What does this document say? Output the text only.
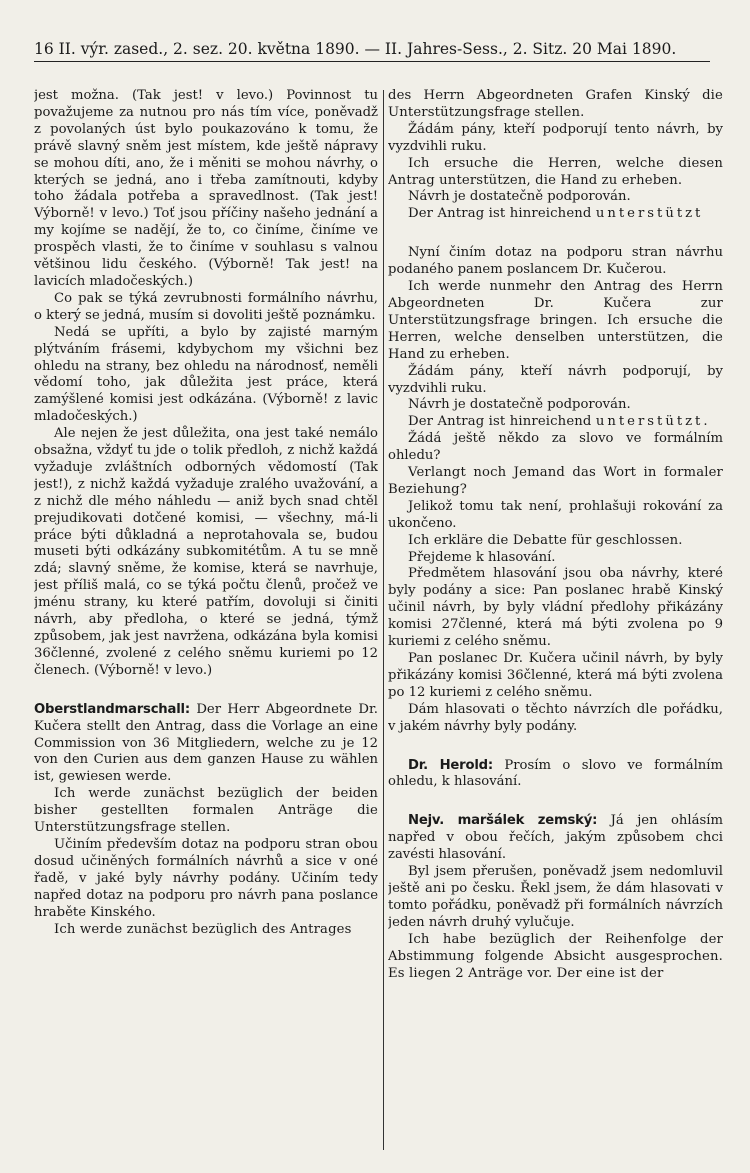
16 II. výr. zased., 2. sez. 20. května 1890. — II. Jahres-Sess., 2. Sitz. 20 Mai 1890.

jest možna. (Tak jest! v levo.) Povinnost tu považujeme za nutnou pro nás tím více, poněvadž z povolaných úst bylo poukazováno k tomu, že právě slavný sněm jest místem, kde ještě nápravy se mohou díti, ano, že i měniti se mohou návrhy, o kterých se jedná, ano i třeba zamítnouti, kdyby toho žádala potřeba a spravedlnost. (Tak jest! Výborně! v levo.) Toť jsou příčiny našeho jednání a my kojíme se nadějí, že to, co činíme, činíme ve prospěch vlasti, že to činíme v souhlasu s valnou většinou lidu českého. (Výborně! Tak jest! na lavicích mladočeských.)

Co pak se týká zevrubnosti formálního návrhu, o který se jedná, musím si dovoliti ještě poznámku.

Nedá se upříti, a bylo by zajisté marným plýtváním frásemi, kdybychom my všichni bez ohledu na strany, bez ohledu na národnosť, neměli vědomí toho, jak důležita jest práce, která zamýšlené komisi jest odkázána. (Výborně! z lavic mladočeských.)

Ale nejen že jest důležita, ona jest také nemálo obsažna, vždyť tu jde o tolik předloh, z nichž každá vyžaduje zvláštních odborných vědomostí (Tak jest!), z nichž každá vyžaduje zralého uvažování, a z nichž dle mého náhledu — aniž bych snad chtěl prejudikovati dotčené komisi, — všechny, má-li práce býti důkladná a neprotahovala se, budou museti býti odkázány subkomitétům. A tu se mně zdá; slavný sněme, že komise, která se navrhuje, jest příliš malá, co se týká počtu členů, pročež ve jménu strany, ku které patřím, dovoluji si činiti návrh, aby předloha, o které se jedná, týmž způsobem, jak jest navržena, odkázána byla komisi 36členné, zvolené z celého sněmu kuriemi po 12 členech. (Výborně! v levo.)

Oberstlandmarschall: Der Herr Abgeordnete Dr. Kučera stellt den Antrag, dass die Vorlage an eine Commission von 36 Mitgliedern, welche zu je 12 von den Curien aus dem ganzen Hause zu wählen ist, gewiesen werde.

Ich werde zunächst bezüglich der beiden bisher gestellten formalen Anträge die Unterstützungsfrage stellen.

Učiním především dotaz na podporu stran obou dosud učiněných formálních návrhů a sice v oné řadě, v jaké byly návrhy podány. Učiním tedy napřed dotaz na podporu pro návrh pana poslance hraběte Kinského.

Ich werde zunächst bezüglich des Antrages

des Herrn Abgeordneten Grafen Kinský die Unterstützungsfrage stellen.

Žádám pány, kteří podporují tento návrh, by vyzdvihli ruku.

Ich ersuche die Herren, welche diesen Antrag unterstützen, die Hand zu erheben.

Návrh je dostatečně podporován.

Der Antrag ist hinreichend unterstützt

Nyní činím dotaz na podporu stran návrhu podaného panem poslancem Dr. Kučerou.

Ich werde nunmehr den Antrag des Herrn Abgeordneten Dr. Kučera zur Unterstützungsfrage bringen. Ich ersuche die Herren, welche denselben unterstützen, die Hand zu erheben.

Žádám pány, kteří návrh podporují, by vyzdvihli ruku.

Návrh je dostatečně podporován.

Der Antrag ist hinreichend unterstützt.

Žádá ještě někdo za slovo ve formálním ohledu?

Verlangt noch Jemand das Wort in formaler Beziehung?

Jelikož tomu tak není, prohlašuji rokování za ukončeno.

Ich erkläre die Debatte für geschlossen.

Přejdeme k hlasování.

Předmětem hlasování jsou oba návrhy, které byly podány a sice: Pan poslanec hrabě Kinský učinil návrh, by byly vládní předlohy přikázány komisi 27členné, která má býti zvolena po 9 kuriemi z celého sněmu.

Pan poslanec Dr. Kučera učinil návrh, by byly přikázány komisi 36členné, která má býti zvolena po 12 kuriemi z celého sněmu.

Dám hlasovati o těchto návrzích dle pořádku, v jakém návrhy byly podány.

Dr. Herold: Prosím o slovo ve formálním ohledu, k hlasování.

Nejv. maršálek zemský: Já jen ohlásím napřed v obou řečích, jakým způsobem chci zavésti hlasování.

Byl jsem přerušen, poněvadž jsem nedomluvil ještě ani po česku. Řekl jsem, že dám hlasovati v tomto pořádku, poněvadž při formálních návrzích jeden návrh druhý vylučuje.

Ich habe bezüglich der Reihenfolge der Abstimmung folgende Absicht ausgesprochen. Es liegen 2 Anträge vor. Der eine ist der
